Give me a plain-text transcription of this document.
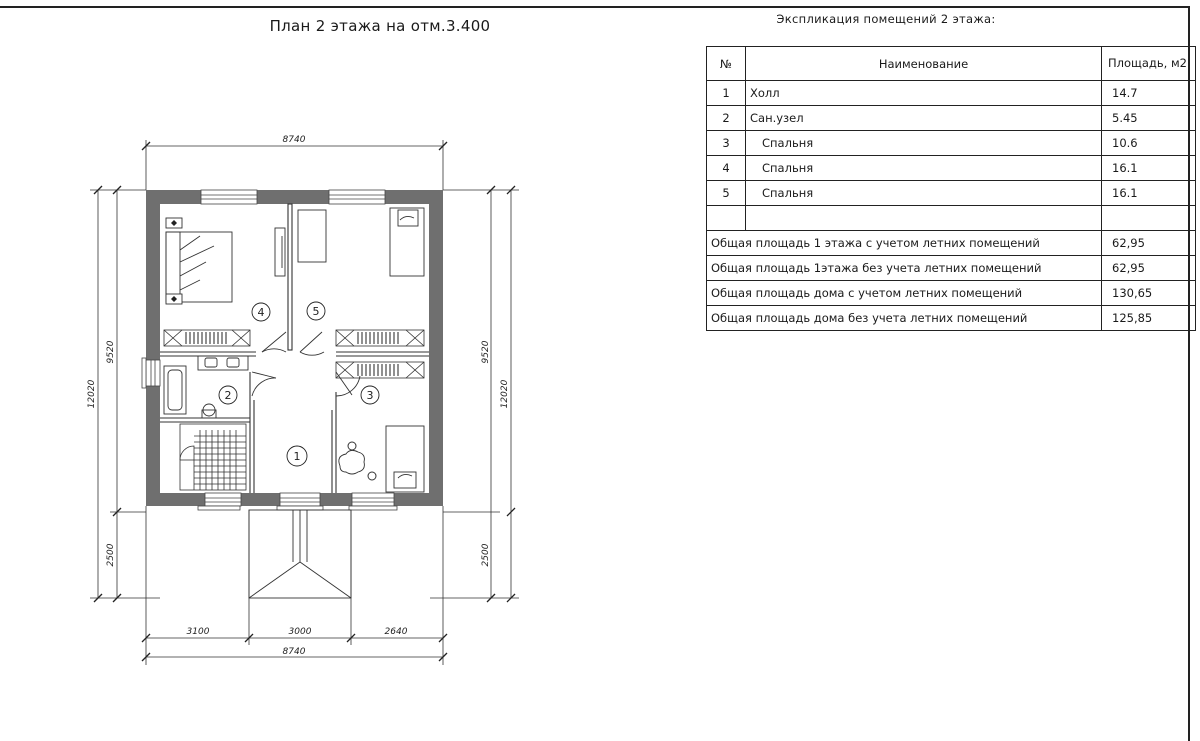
План 2 этажа на отм.3.400
8740
3100	3000	2640
8740
12020
9520
2500
9520
12020
2500
1
2	3
4	5
Экспликация помещений 2 этажа:
№	Наименование	Площадь, м2
1	Холл	14.7
2	Сан.узел	5.45
3	Спальня	10.6
4	Спальня	16.1
5	Спальня	16.1

Общая площадь 1 этажа с учетом летних помещений		62,95
Общая площадь 1этажа без учета летних помещений		62,95
Общая площадь дома с учетом летних помещений		130,65
Общая площадь дома без учета летних помещений		125,85
